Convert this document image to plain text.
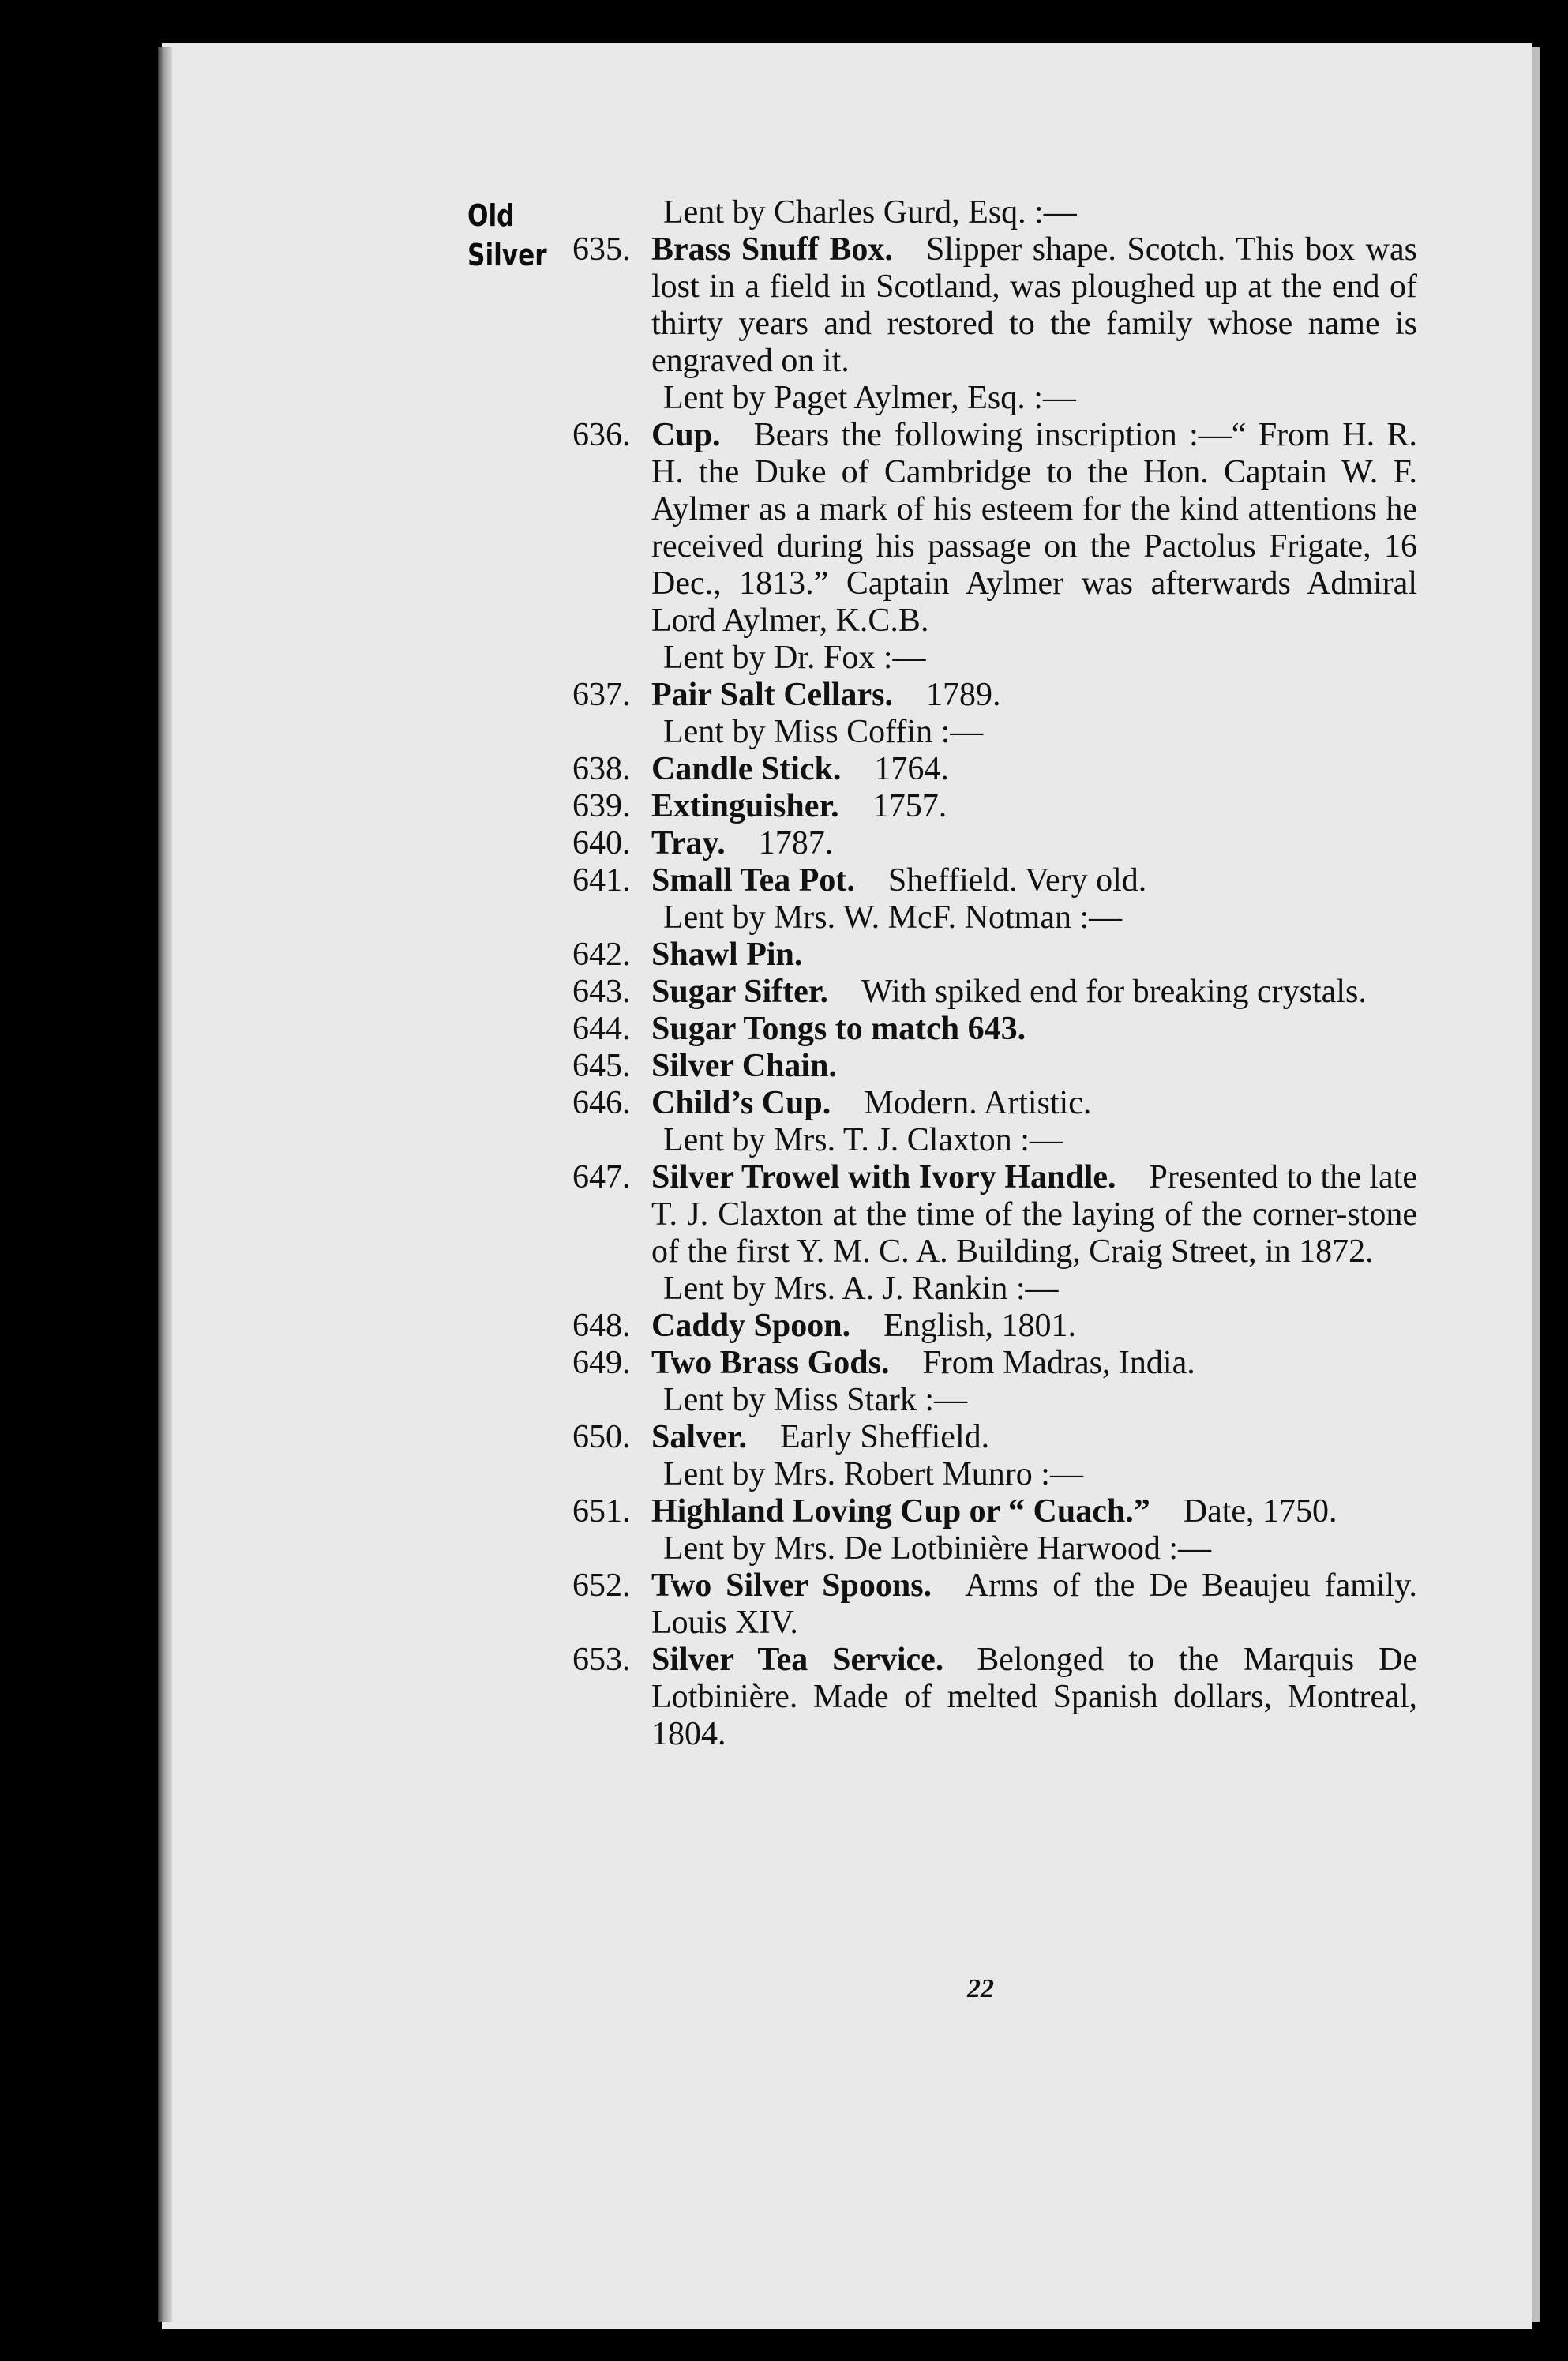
Old
Silver
Lent by Charles Gurd, Esq. :—
635. Brass Snuff Box.  Slipper shape. Scotch. This box was lost in a field in Scotland, was ploughed up at the end of thirty years and restored to the family whose name is engraved on it.
Lent by Paget Aylmer, Esq. :—
636. Cup.  Bears the following inscription :—“ From H. R. H. the Duke of Cambridge to the Hon. Captain W. F. Aylmer as a mark of his esteem for the kind attentions he received during his passage on the Pactolus Frigate, 16 Dec., 1813.” Captain Aylmer was afterwards Admiral Lord Aylmer, K.C.B.
Lent by Dr. Fox :—
637. Pair Salt Cellars.  1789.
Lent by Miss Coffin :—
638. Candle Stick.  1764.
639. Extinguisher.  1757.
640. Tray.  1787.
641. Small Tea Pot.  Sheffield. Very old.
Lent by Mrs. W. McF. Notman :—
642. Shawl Pin.
643. Sugar Sifter.  With spiked end for breaking crystals.
644. Sugar Tongs to match 643.
645. Silver Chain.
646. Child’s Cup.  Modern. Artistic.
Lent by Mrs. T. J. Claxton :—
647. Silver Trowel with Ivory Handle.  Presented to the late T. J. Claxton at the time of the laying of the corner-stone of the first Y. M. C. A. Building, Craig Street, in 1872.
Lent by Mrs. A. J. Rankin :—
648. Caddy Spoon.  English, 1801.
649. Two Brass Gods.  From Madras, India.
Lent by Miss Stark :—
650. Salver.  Early Sheffield.
Lent by Mrs. Robert Munro :—
651. Highland Loving Cup or “ Cuach.”  Date, 1750.
Lent by Mrs. De Lotbinière Harwood :—
652. Two Silver Spoons.  Arms of the De Beaujeu family. Louis XIV.
653. Silver Tea Service.  Belonged to the Marquis De Lotbinière. Made of melted Spanish dollars, Montreal, 1804.
22
